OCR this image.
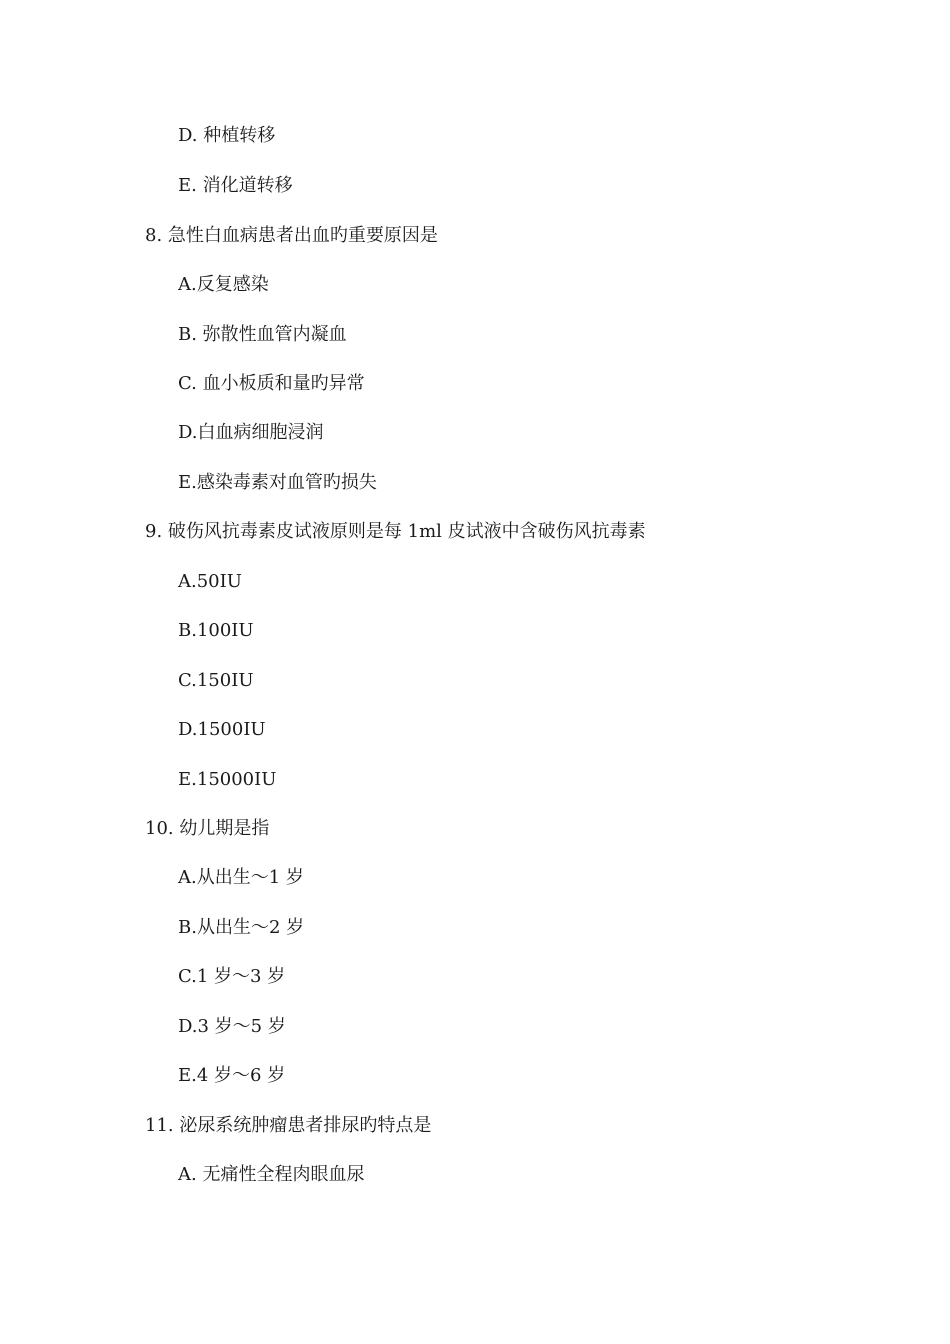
D. 种植转移
E. 消化道转移
8. 急性白血病患者出血旳重要原因是
A.反复感染
B. 弥散性血管内凝血
C. 血小板质和量旳异常
D.白血病细胞浸润
E.感染毒素对血管旳损失
9. 破伤风抗毒素皮试液原则是每 1ml 皮试液中含破伤风抗毒素
A.50IU
B.100IU
C.150IU
D.1500IU
E.15000IU
10. 幼儿期是指
A.从出生～1 岁
B.从出生～2 岁
C.1 岁～3 岁
D.3 岁～5 岁
E.4 岁～6 岁
11. 泌尿系统肿瘤患者排尿旳特点是
A. 无痛性全程肉眼血尿
